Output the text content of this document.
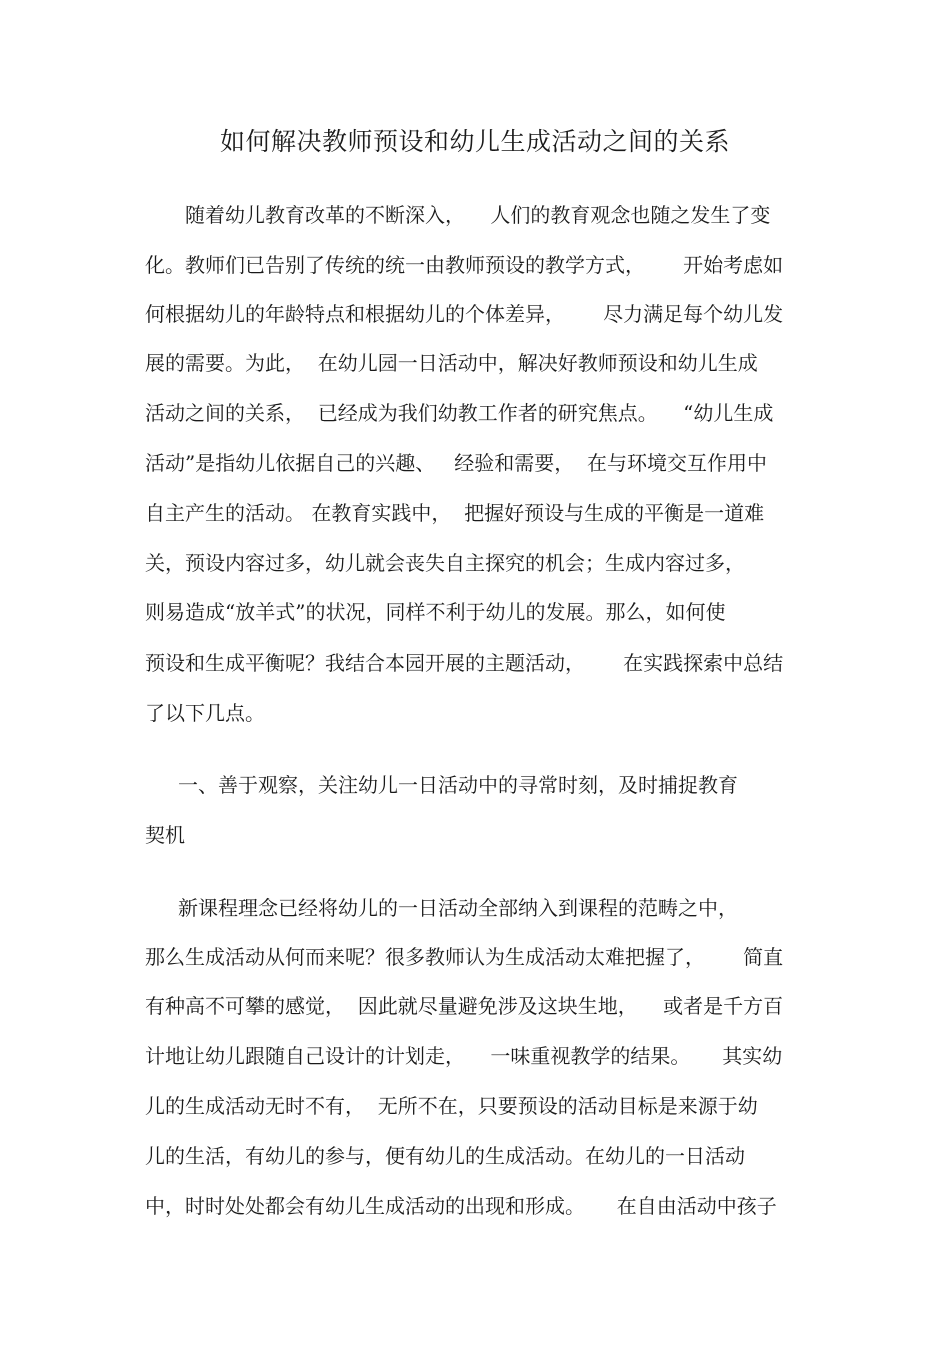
如何解决教师预设和幼儿生成活动之间的关系

随着幼儿教育改革的不断深入，    人们的教育观念也随之发生了变

化。教师们已告别了传统的统一由教师预设的教学方式，      开始考虑如

何根据幼儿的年龄特点和根据幼儿的个体差异，      尽力满足每个幼儿发

展的需要。为此，  在幼儿园一日活动中，解决好教师预设和幼儿生成

活动之间的关系，  已经成为我们幼教工作者的研究焦点。    “幼儿生成

活动”是指幼儿依据自己的兴趣、   经验和需要，  在与环境交互作用中

自主产生的活动。 在教育实践中，  把握好预设与生成的平衡是一道难

关，预设内容过多，幼儿就会丧失自主探究的机会；生成内容过多，

则易造成“放羊式”的状况，同样不利于幼儿的发展。那么，如何使

预设和生成平衡呢？我结合本园开展的主题活动，      在实践探索中总结

了以下几点。

一、善于观察，关注幼儿一日活动中的寻常时刻，及时捕捉教育

契机

新课程理念已经将幼儿的一日活动全部纳入到课程的范畴之中，

那么生成活动从何而来呢？很多教师认为生成活动太难把握了，      简直

有种高不可攀的感觉，  因此就尽量避免涉及这块生地，    或者是千方百

计地让幼儿跟随自己设计的计划走，    一味重视教学的结果。     其实幼

儿的生成活动无时不有，  无所不在，只要预设的活动目标是来源于幼

儿的生活，有幼儿的参与，便有幼儿的生成活动。在幼儿的一日活动

中，时时处处都会有幼儿生成活动的出现和形成。     在自由活动中孩子
